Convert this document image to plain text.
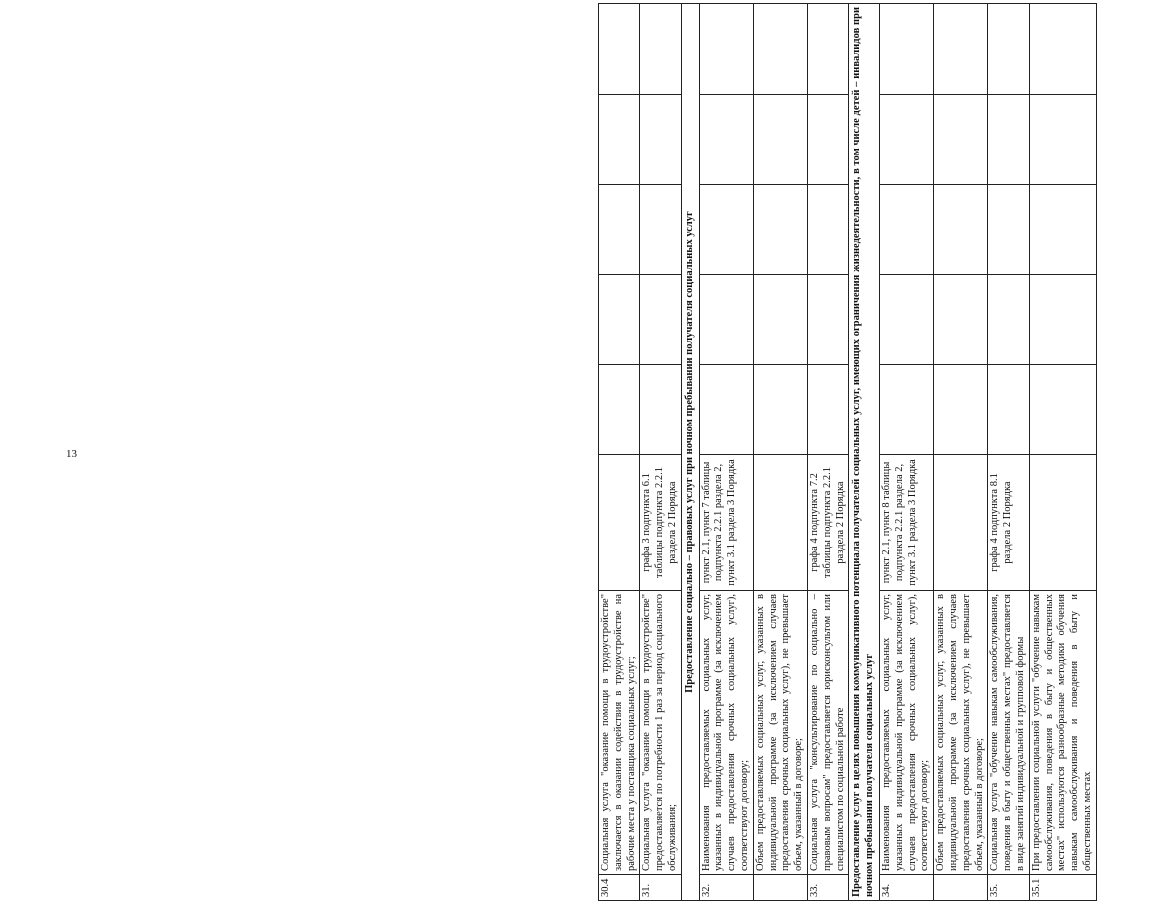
13
30.4	Социальная услуга "оказание помощи в трудоустройстве" заключается в оказании содействия в трудоустройстве на рабочие места у поставщика социальных услуг;						
31.	Социальная услуга "оказание помощи в трудоустройстве" предоставляется по потребности 1 раз за период социального обслуживания;	графа 3 подпункта 6.1 таблицы подпункта 2.2.1 раздела 2 Порядка					
Предоставление социально – правовых услуг при ночном пребывании получателя социальных услуг							
32.	Наименования предоставляемых социальных услуг, указанных в индивидуальной программе (за исключением случаев предоставления срочных социальных услуг), соответствуют договору;	пункт 2.1, пункт 7 таблицы подпункта 2.2.1 раздела 2, пункт 3.1 раздела 3 Порядка					
	Объем предоставляемых социальных услуг, указанных в индивидуальной программе (за исключением случаев предоставления срочных социальных услуг), не превышает объем, указанный в договоре;						
33.	Социальная услуга "консультирование по социально – правовым вопросам" предоставляется юрисконсультом или специалистом по социальной работе	графа 4 подпункта 7.2 таблицы подпункта 2.2.1 раздела 2 Порядка					
Предоставление услуг в целях повышения коммуникативного потенциала получателей социальных услуг, имеющих ограничения жизнедеятельности, в том числе детей – инвалидов при ночном пребывании получателя социальных услуг							
34.	Наименования предоставляемых социальных услуг, указанных в индивидуальной программе (за исключением случаев предоставления срочных социальных услуг), соответствуют договору;	пункт 2.1, пункт 8 таблицы подпункта 2.2.1 раздела 2, пункт 3.1 раздела 3 Порядка					
	Объем предоставляемых социальных услуг, указанных в индивидуальной программе (за исключением случаев предоставления срочных социальных услуг), не превышает объем, указанный в договоре;						
35.	Социальная услуга "обучение навыкам самообслуживания, поведения в быту и общественных местах" предоставляется в виде занятий индивидуальной и групповой формы	графа 4 подпункта 8.1 раздела 2 Порядка					
35.1	При предоставлении социальной услуги "обучение навыкам самообслуживания, поведения в быту и общественных местах" используются разнообразные методики обучения навыкам самообслуживания и поведения в быту и общественных местах						
